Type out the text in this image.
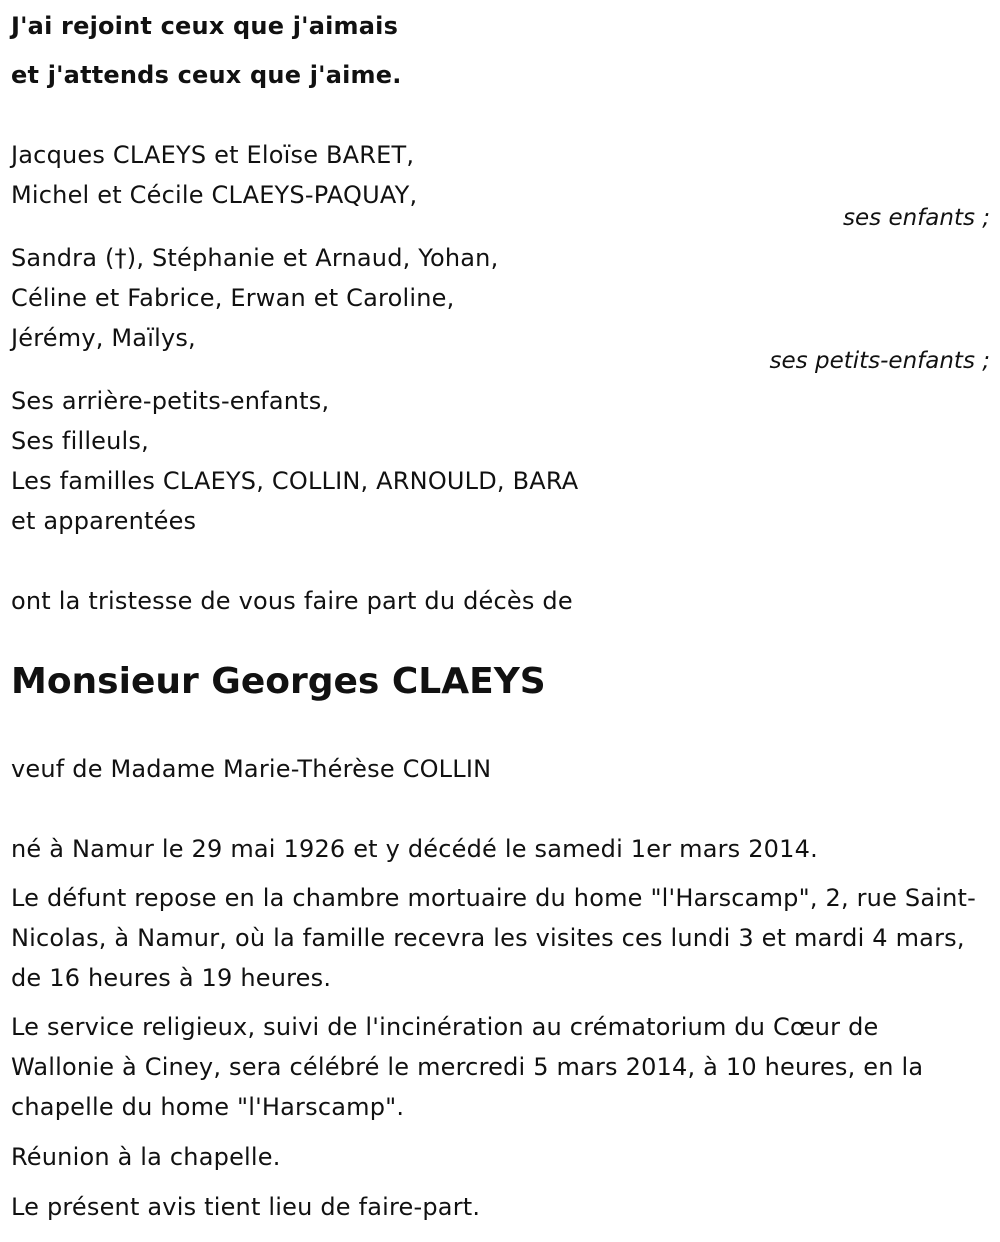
J'ai rejoint ceux que j'aimais
et j'attends ceux que j'aime.
Jacques CLAEYS et Eloïse BARET,
Michel et Cécile CLAEYS-PAQUAY,
ses enfants ;
Sandra (†), Stéphanie et Arnaud, Yohan,
Céline et Fabrice, Erwan et Caroline,
Jérémy, Maïlys,
ses petits-enfants ;
Ses arrière-petits-enfants,
Ses filleuls,
Les familles CLAEYS, COLLIN, ARNOULD, BARA
et apparentées
ont la tristesse de vous faire part du décès de
Monsieur Georges CLAEYS
veuf de Madame Marie-Thérèse COLLIN
né à Namur le 29 mai 1926 et y décédé le samedi 1er mars 2014.
Le défunt repose en la chambre mortuaire du home "l'Harscamp", 2, rue Saint-Nicolas, à Namur, où la famille recevra les visites ces lundi 3 et mardi 4 mars, de 16 heures à 19 heures.
Le service religieux, suivi de l'incinération au crématorium du Cœur de Wallonie à Ciney, sera célébré le mercredi 5 mars 2014, à 10 heures, en la chapelle du home "l'Harscamp".
Réunion à la chapelle.
Le présent avis tient lieu de faire-part.
